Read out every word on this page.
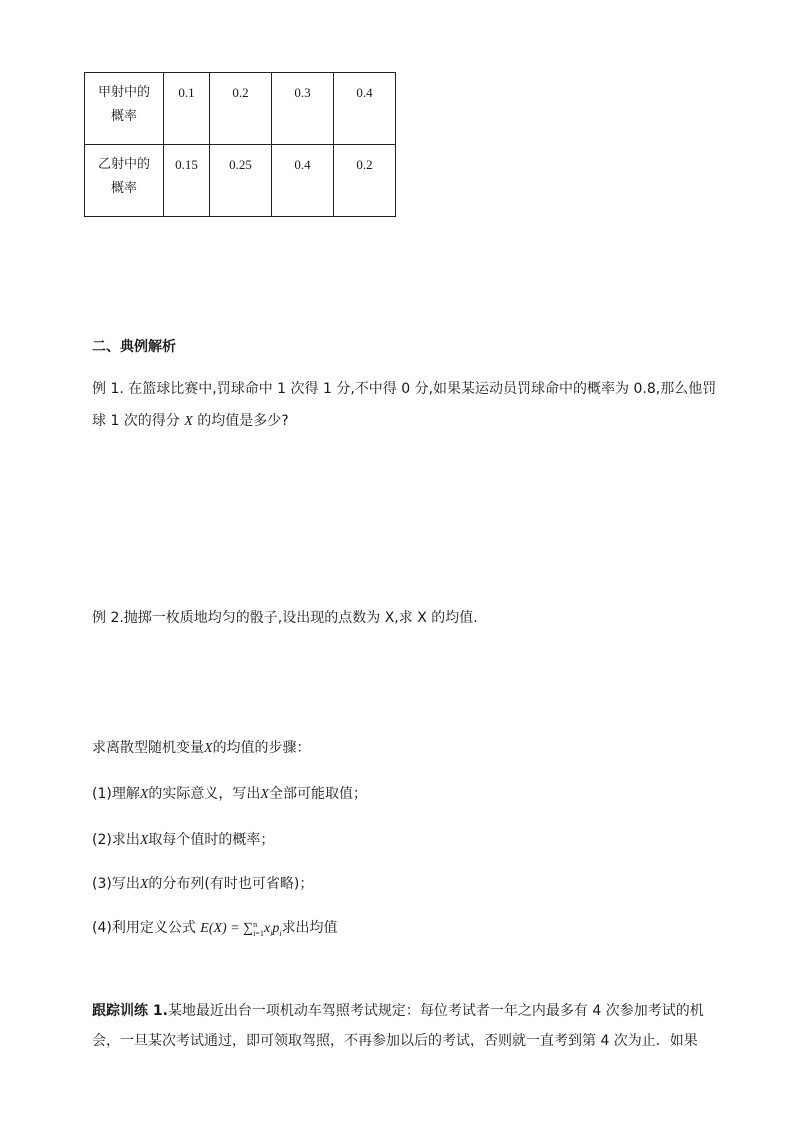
甲射中的
概率	0.1	0.2	0.3	0.4

乙射中的
概率	0.15	0.25	0.4	0.2
二、典例解析
例 1. 在篮球比赛中,罚球命中 1 次得 1 分,不中得 0 分,如果某运动员罚球命中的概率为 0.8,那么他罚
球 1 次的得分 X 的均值是多少?
例 2.抛掷一枚质地均匀的骰子,设出现的点数为 X,求 X 的均值.
求离散型随机变量X的均值的步骤：
(1)理解X的实际意义，写出X全部可能取值；
(2)求出X取每个值时的概率；
(3)写出X的分布列(有时也可省略)；
(4)利用定义公式 E(X) = ∑ n
i=1 $x_ip_i$求出均值
跟踪训练 1.某地最近出台一项机动车驾照考试规定：每位考试者一年之内最多有 4 次参加考试的机
会，一旦某次考试通过，即可领取驾照，不再参加以后的考试，否则就一直考到第 4 次为止．如果
